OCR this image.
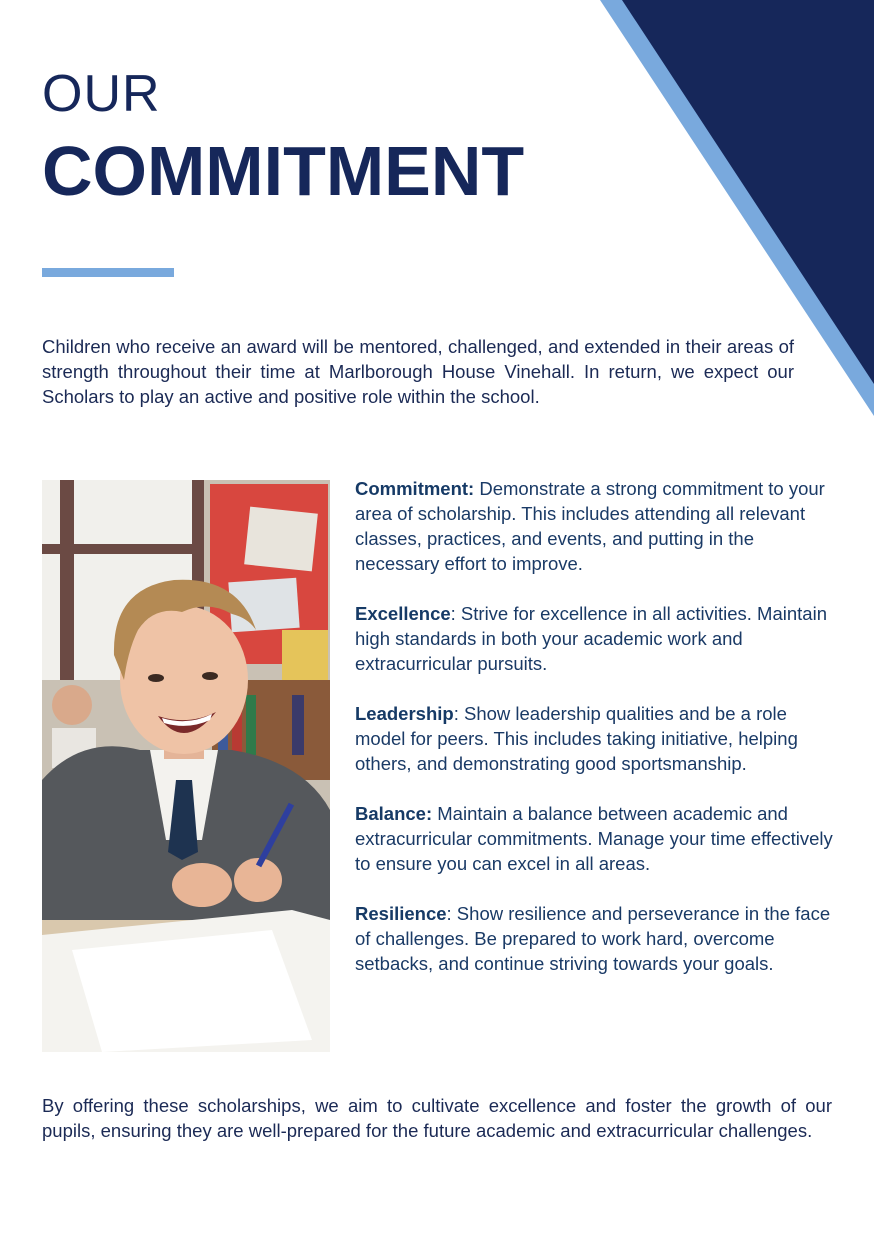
OUR
COMMITMENT

Children who receive an award will be mentored, challenged, and extended in their areas of strength throughout their time at Marlborough House Vinehall. In return, we expect our Scholars to play an active and positive role within the school.

Commitment: Demonstrate a strong commitment to your area of scholarship. This includes attending all relevant classes, practices, and events, and putting in the necessary effort to improve.

Excellence: Strive for excellence in all activities. Maintain high standards in both your academic work and extracurricular pursuits.

Leadership: Show leadership qualities and be a role model for peers. This includes taking initiative, helping others, and demonstrating good sportsmanship.

Balance: Maintain a balance between academic and extracurricular commitments. Manage your time effectively to ensure you can excel in all areas.

Resilience: Show resilience and perseverance in the face of challenges. Be prepared to work hard, overcome setbacks, and continue striving towards your goals.

By offering these scholarships, we aim to cultivate excellence and foster the growth of our pupils, ensuring they are well-prepared for the future academic and extracurricular challenges.
